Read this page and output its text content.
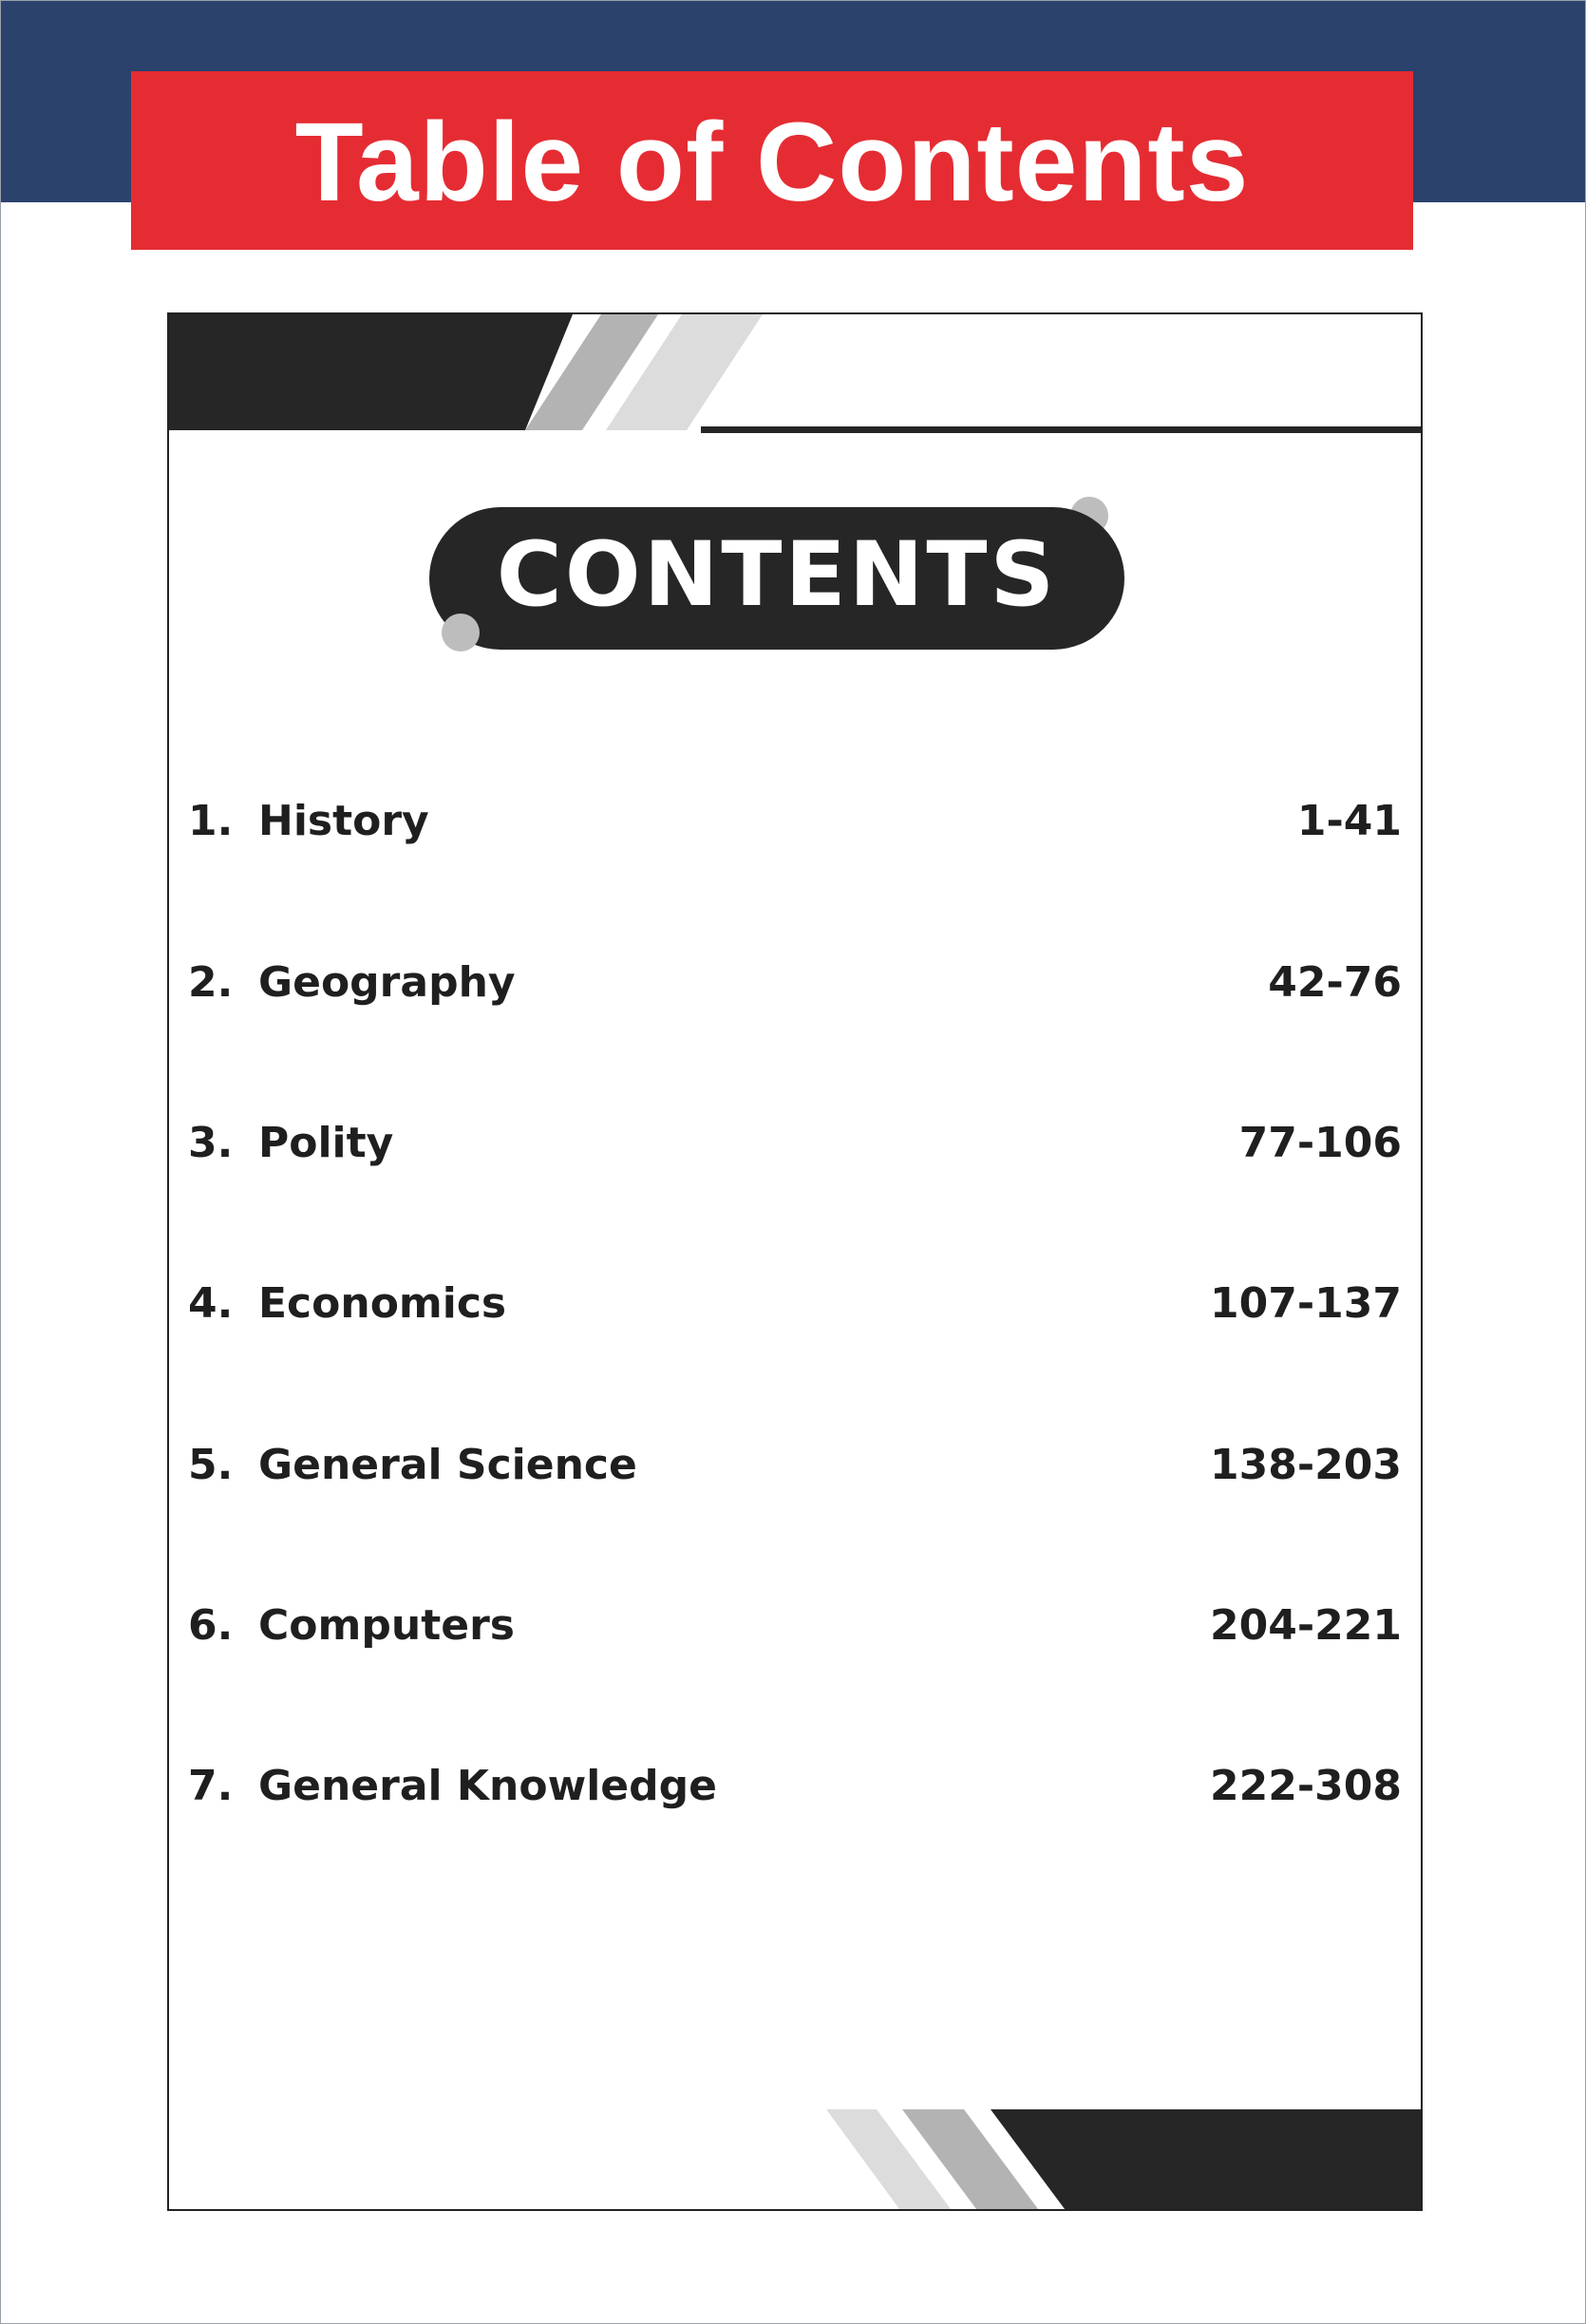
Table of Contents
CONTENTS
1. History	1-41
2. Geography	42-76
3. Polity	77-106
4. Economics	107-137
5. General Science	138-203
6. Computers	204-221
7. General Knowledge	222-308
